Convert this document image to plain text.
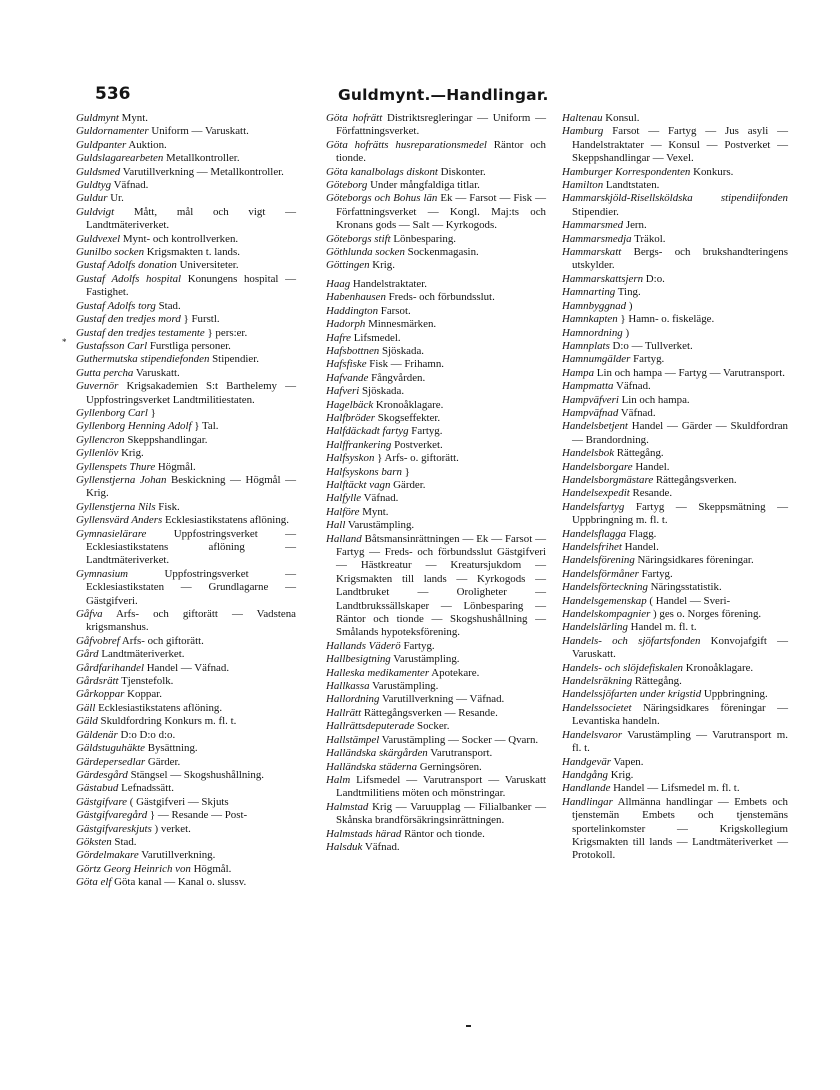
536	Guldmynt.—Handlingar.
*

Guldmynt Mynt.

Guldornamenter Uniform — Varuskatt.

Guldpanter Auktion.

Guldslagarearbeten Metallkontroller.

Guldsmed Varutillverkning — Metallkontroller.

Guldtyg Väfnad.

Guldur Ur.

Guldvigt Mått, mål och vigt — Landtmäteriverket.

Guldvexel Mynt- och kontrollverken.

Gunilbo socken Krigsmakten t. lands.

Gustaf Adolfs donation Universiteter.

Gustaf Adolfs hospital Konungens hospital — Fastighet.

Gustaf Adolfs torg Stad.

Gustaf den tredjes mord } Furstl.

Gustaf den tredjes testamente } pers:er.

Gustafsson Carl Furstliga personer.

Guthermutska stipendiefonden Stipendier.

Gutta percha Varuskatt.

Guvernör Krigsakademien S:t Barthelemy — Uppfostringsverket Landtmilitiestaten.

Gyllenborg Carl }

Gyllenborg Henning Adolf } Tal.

Gyllencron Skeppshandlingar.

Gyllenlöv Krig.

Gyllenspets Thure Högmål.

Gyllenstjerna Johan Beskickning — Högmål — Krig.

Gyllenstjerna Nils Fisk.

Gyllensvärd Anders Ecklesiastikstatens aflöning.

Gymnasielärare Uppfostringsverket — Ecklesiastikstatens aflöning — Landtmäteriverket.

Gymnasium Uppfostringsverket — Ecklesiastikstaten — Grundlagarne — Gästgifveri.

Gåfva Arfs- och giftorätt — Vadstena krigsmanshus.

Gåfvobref Arfs- och giftorätt.

Gård Landtmäteriverket.

Gårdfarihandel Handel — Väfnad.

Gårdsrätt Tjenstefolk.

Gårkoppar Koppar.

Gäll Ecklesiastikstatens aflöning.

Gäld Skuldfordring Konkurs m. fl. t.

Gäldenär D:o D:o d:o.

Gäldstuguhäkte Bysättning.

Gärdepersedlar Gärder.

Gärdesgård Stängsel — Skogshushållning.

Gästabud Lefnadssätt.

Gästgifvare ( Gästgifveri — Skjuts

Gästgifvaregård } — Resande — Post-

Gästgifvareskjuts ) verket.

Göksten Stad.

Gördelmakare Varutillverkning.

Görtz Georg Heinrich von Högmål.

Göta elf Göta kanal — Kanal o. slussv.

Göta hofrätt Distriktsregleringar — Uniform — Författningsverket.

Göta hofrätts husreparationsmedel Räntor och tionde.

Göta kanalbolags diskont Diskonter.

Göteborg Under mångfaldiga titlar.

Göteborgs och Bohus län Ek — Farsot — Fisk — Författningsverket — Kongl. Maj:ts och Kronans gods — Salt — Kyrkogods.

Göteborgs stift Lönbesparing.

Göthlunda socken Sockenmagasin.

Göttingen Krig.

Haag Handelstraktater.

Habenhausen Freds- och förbundsslut.

Haddington Farsot.

Hadorph Minnesmärken.

Hafre Lifsmedel.

Hafsbottnen Sjöskada.

Hafsfiske Fisk — Frihamn.

Hafvande Fångvården.

Hafveri Sjöskada.

Hagelbäck Kronoåklagare.

Halfbröder Skogseffekter.

Halfdäckadt fartyg Fartyg.

Halffrankering Postverket.

Halfsyskon } Arfs- o. giftorätt.

Halfsyskons barn }

Halftäckt vagn Gärder.

Halfylle Väfnad.

Halföre Mynt.

Hall Varustämpling.

Halland Båtsmansinrättningen — Ek — Farsot — Fartyg — Freds- och förbundsslut Gästgifveri — Hästkreatur — Kreatursjukdom — Krigsmakten till lands — Kyrkogods — Landtbruket — Oroligheter — Landtbrukssällskaper — Lönbesparing — Räntor och tionde — Skogshushållning — Smålands hypoteksförening.

Hallands Väderö Fartyg.

Hallbesigtning Varustämpling.

Halleska medikamenter Apotekare.

Hallkassa Varustämpling.

Hallordning Varutillverkning — Väfnad.

Hallrätt Rättegångsverken — Resande.

Hallrättsdeputerade Socker.

Hallstämpel Varustämpling — Socker — Qvarn.

Halländska skärgården Varutransport.

Halländska städerna Gerningsören.

Halm Lifsmedel — Varutransport — Varuskatt Landtmilitiens möten och mönstringar.

Halmstad Krig — Varuupplag — Filialbanker — Skånska brandförsäkringsinrättningen.

Halmstads härad Räntor och tionde.

Halsduk Väfnad.

Haltenau Konsul.

Hamburg Farsot — Fartyg — Jus asyli — Handelstraktater — Konsul — Postverket — Skeppshandlingar — Vexel.

Hamburger Korrespondenten Konkurs.

Hamilton Landtstaten.

Hammarskjöld-Risellsköldska stipendiifonden Stipendier.

Hammarsmed Jern.

Hammarsmedja Träkol.

Hammarskatt Bergs- och brukshandteringens utskylder.

Hammarskattsjern D:o.

Hamnarting Ting.

Hamnbyggnad )

Hamnkapten } Hamn- o. fiskeläge.

Hamnordning )

Hamnplats D:o — Tullverket.

Hamnumgälder Fartyg.

Hampa Lin och hampa — Fartyg — Varutransport.

Hampmatta Väfnad.

Hampväfveri Lin och hampa.

Hampväfnad Väfnad.

Handelsbetjent Handel — Gärder — Skuldfordran — Brandordning.

Handelsbok Rättegång.

Handelsborgare Handel.

Handelsborgmästare Rättegångsverken.

Handelsexpedit Resande.

Handelsfartyg Fartyg — Skeppsmätning — Uppbringning m. fl. t.

Handelsflagga Flagg.

Handelsfrihet Handel.

Handelsförening Näringsidkares föreningar.

Handelsförmåner Fartyg.

Handelsförteckning Näringsstatistik.

Handelsgemenskap ( Handel — Sveri-

Handelskompagnier ) ges o. Norges förening.

Handelslärling Handel m. fl. t.

Handels- och sjöfartsfonden Konvojafgift — Varuskatt.

Handels- och slöjdefiskalen Kronoåklagare.

Handelsräkning Rättegång.

Handelssjöfarten under krigstid Uppbringning.

Handelssocietet Näringsidkares föreningar — Levantiska handeln.

Handelsvaror Varustämpling — Varutransport m. fl. t.

Handgevär Vapen.

Handgång Krig.

Handlande Handel — Lifsmedel m. fl. t.

Handlingar Allmänna handlingar — Embets och tjenstemän Embets och tjenstemäns sportelinkomster — Krigskollegium Krigsmakten till lands — Landtmäteriverket — Protokoll.
